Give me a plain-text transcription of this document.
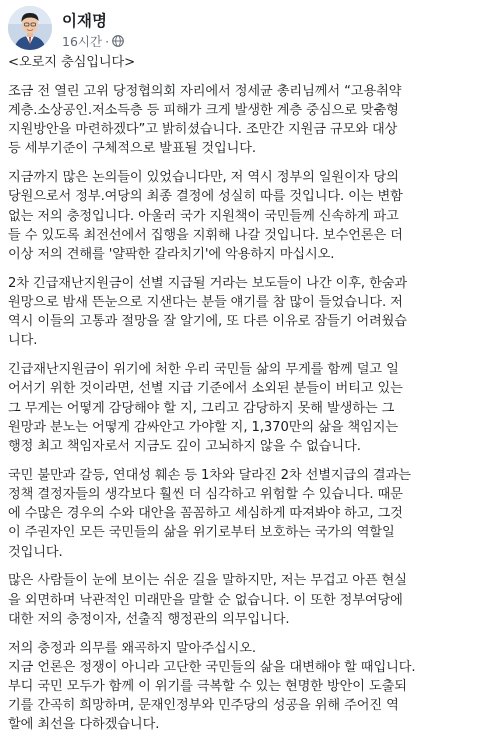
이재명
16시간 ·
<오로지 충심입니다>
조금 전 열린 고위 당정협의회 자리에서 정세균 총리님께서 “고용취약
계층.소상공인.저소득층 등 피해가 크게 발생한 계층 중심으로 맞춤형
지원방안을 마련하겠다”고 밝히셨습니다. 조만간 지원금 규모와 대상
등 세부기준이 구체적으로 발표될 것입니다.
지금까지 많은 논의들이 있었습니다만, 저 역시 정부의 일원이자 당의
당원으로서 정부.여당의 최종 결정에 성실히 따를 것입니다. 이는 변함
없는 저의 충정입니다. 아울러 국가 지원책이 국민들께 신속하게 파고
들 수 있도록 최전선에서 집행을 지휘해 나갈 것입니다. 보수언론은 더
이상 저의 견해를 '얄팍한 갈라치기'에 악용하지 마십시오.
2차 긴급재난지원금이 선별 지급될 거라는 보도들이 나간 이후, 한숨과
원망으로 밤새 뜬눈으로 지샌다는 분들 얘기를 참 많이 들었습니다. 저
역시 이들의 고통과 절망을 잘 알기에, 또 다른 이유로 잠들기 어려웠습
니다.
긴급재난지원금이 위기에 처한 우리 국민들 삶의 무게를 함께 덜고 일
어서기 위한 것이라면, 선별 지급 기준에서 소외된 분들이 버티고 있는
그 무게는 어떻게 감당해야 할 지, 그리고 감당하지 못해 발생하는 그
원망과 분노는 어떻게 감싸안고 가야할 지, 1,370만의 삶을 책임지는
행정 최고 책임자로서 지금도 깊이 고뇌하지 않을 수 없습니다.
국민 불만과 갈등, 연대성 훼손 등 1차와 달라진 2차 선별지급의 결과는
정책 결정자들의 생각보다 훨씬 더 심각하고 위험할 수 있습니다. 때문
에 수많은 경우의 수와 대안을 꼼꼼하고 세심하게 따져봐야 하고, 그것
이 주권자인 모든 국민들의 삶을 위기로부터 보호하는 국가의 역할일
것입니다.
많은 사람들이 눈에 보이는 쉬운 길을 말하지만, 저는 무겁고 아픈 현실
을 외면하며 낙관적인 미래만을 말할 순 없습니다. 이 또한 정부여당에
대한 저의 충정이자, 선출직 행정관의 의무입니다.
저의 충정과 의무를 왜곡하지 말아주십시오.
지금 언론은 정쟁이 아니라 고단한 국민들의 삶을 대변해야 할 때입니다.
부디 국민 모두가 함께 이 위기를 극복할 수 있는 현명한 방안이 도출되
기를 간곡히 희망하며, 문재인정부와 민주당의 성공을 위해 주어진 역
할에 최선을 다하겠습니다.
